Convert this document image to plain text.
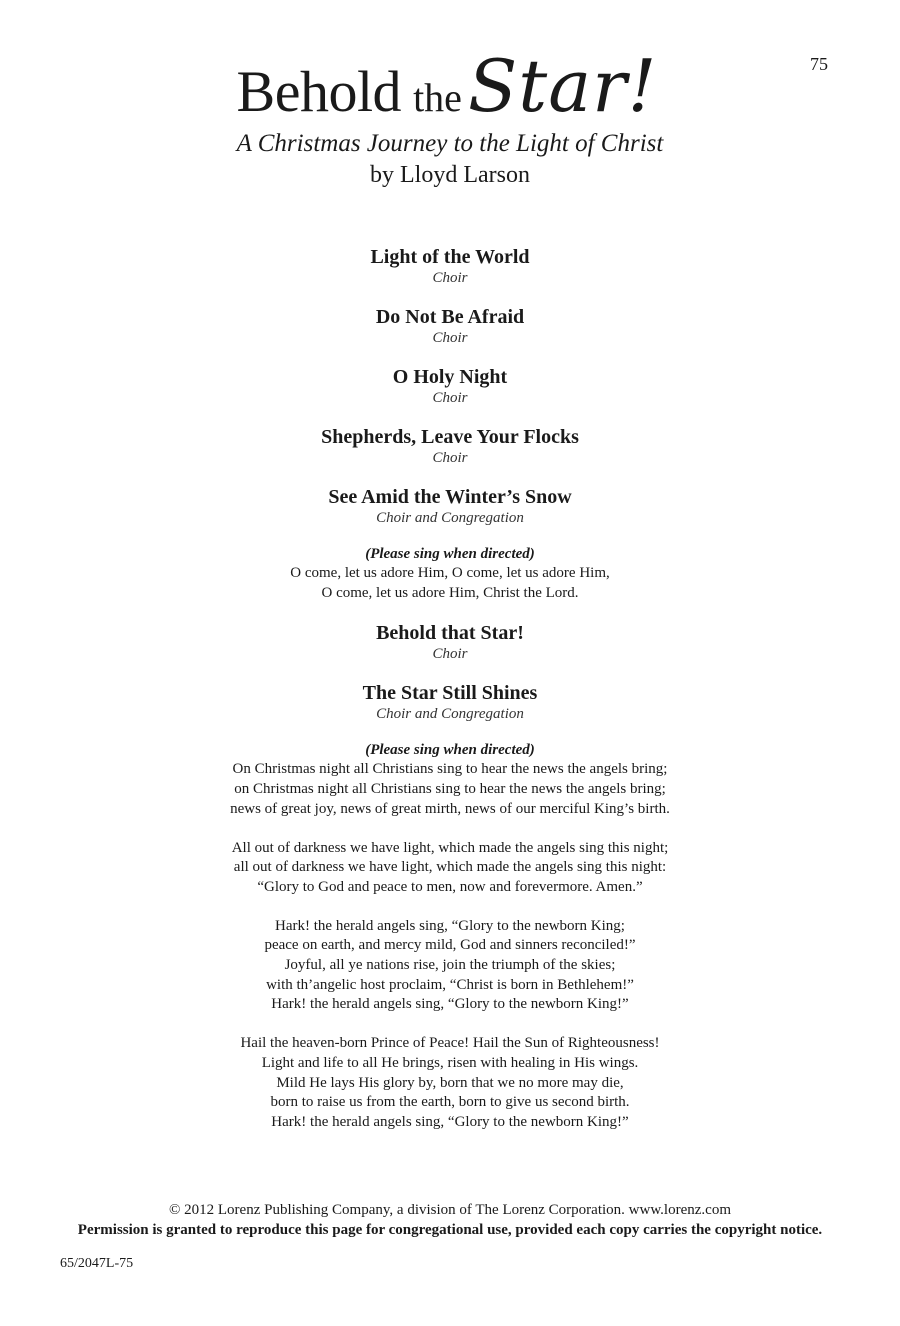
75
Behold the Star!
A Christmas Journey to the Light of Christ
by Lloyd Larson
Light of the World
Choir
Do Not Be Afraid
Choir
O Holy Night
Choir
Shepherds, Leave Your Flocks
Choir
See Amid the Winter’s Snow
Choir and Congregation
(Please sing when directed)
O come, let us adore Him, O come, let us adore Him,
O come, let us adore Him, Christ the Lord.
Behold that Star!
Choir
The Star Still Shines
Choir and Congregation
(Please sing when directed)
On Christmas night all Christians sing to hear the news the angels bring;
on Christmas night all Christians sing to hear the news the angels bring;
news of great joy, news of great mirth, news of our merciful King’s birth.
All out of darkness we have light, which made the angels sing this night;
all out of darkness we have light, which made the angels sing this night:
“Glory to God and peace to men, now and forevermore. Amen.”
Hark! the herald angels sing, “Glory to the newborn King;
peace on earth, and mercy mild, God and sinners reconciled!”
Joyful, all ye nations rise, join the triumph of the skies;
with th’angelic host proclaim, “Christ is born in Bethlehem!”
Hark! the herald angels sing, “Glory to the newborn King!”
Hail the heaven-born Prince of Peace! Hail the Sun of Righteousness!
Light and life to all He brings, risen with healing in His wings.
Mild He lays His glory by, born that we no more may die,
born to raise us from the earth, born to give us second birth.
Hark! the herald angels sing, “Glory to the newborn King!”
© 2012 Lorenz Publishing Company, a division of The Lorenz Corporation. www.lorenz.com
Permission is granted to reproduce this page for congregational use, provided each copy carries the copyright notice.
65/2047L-75
